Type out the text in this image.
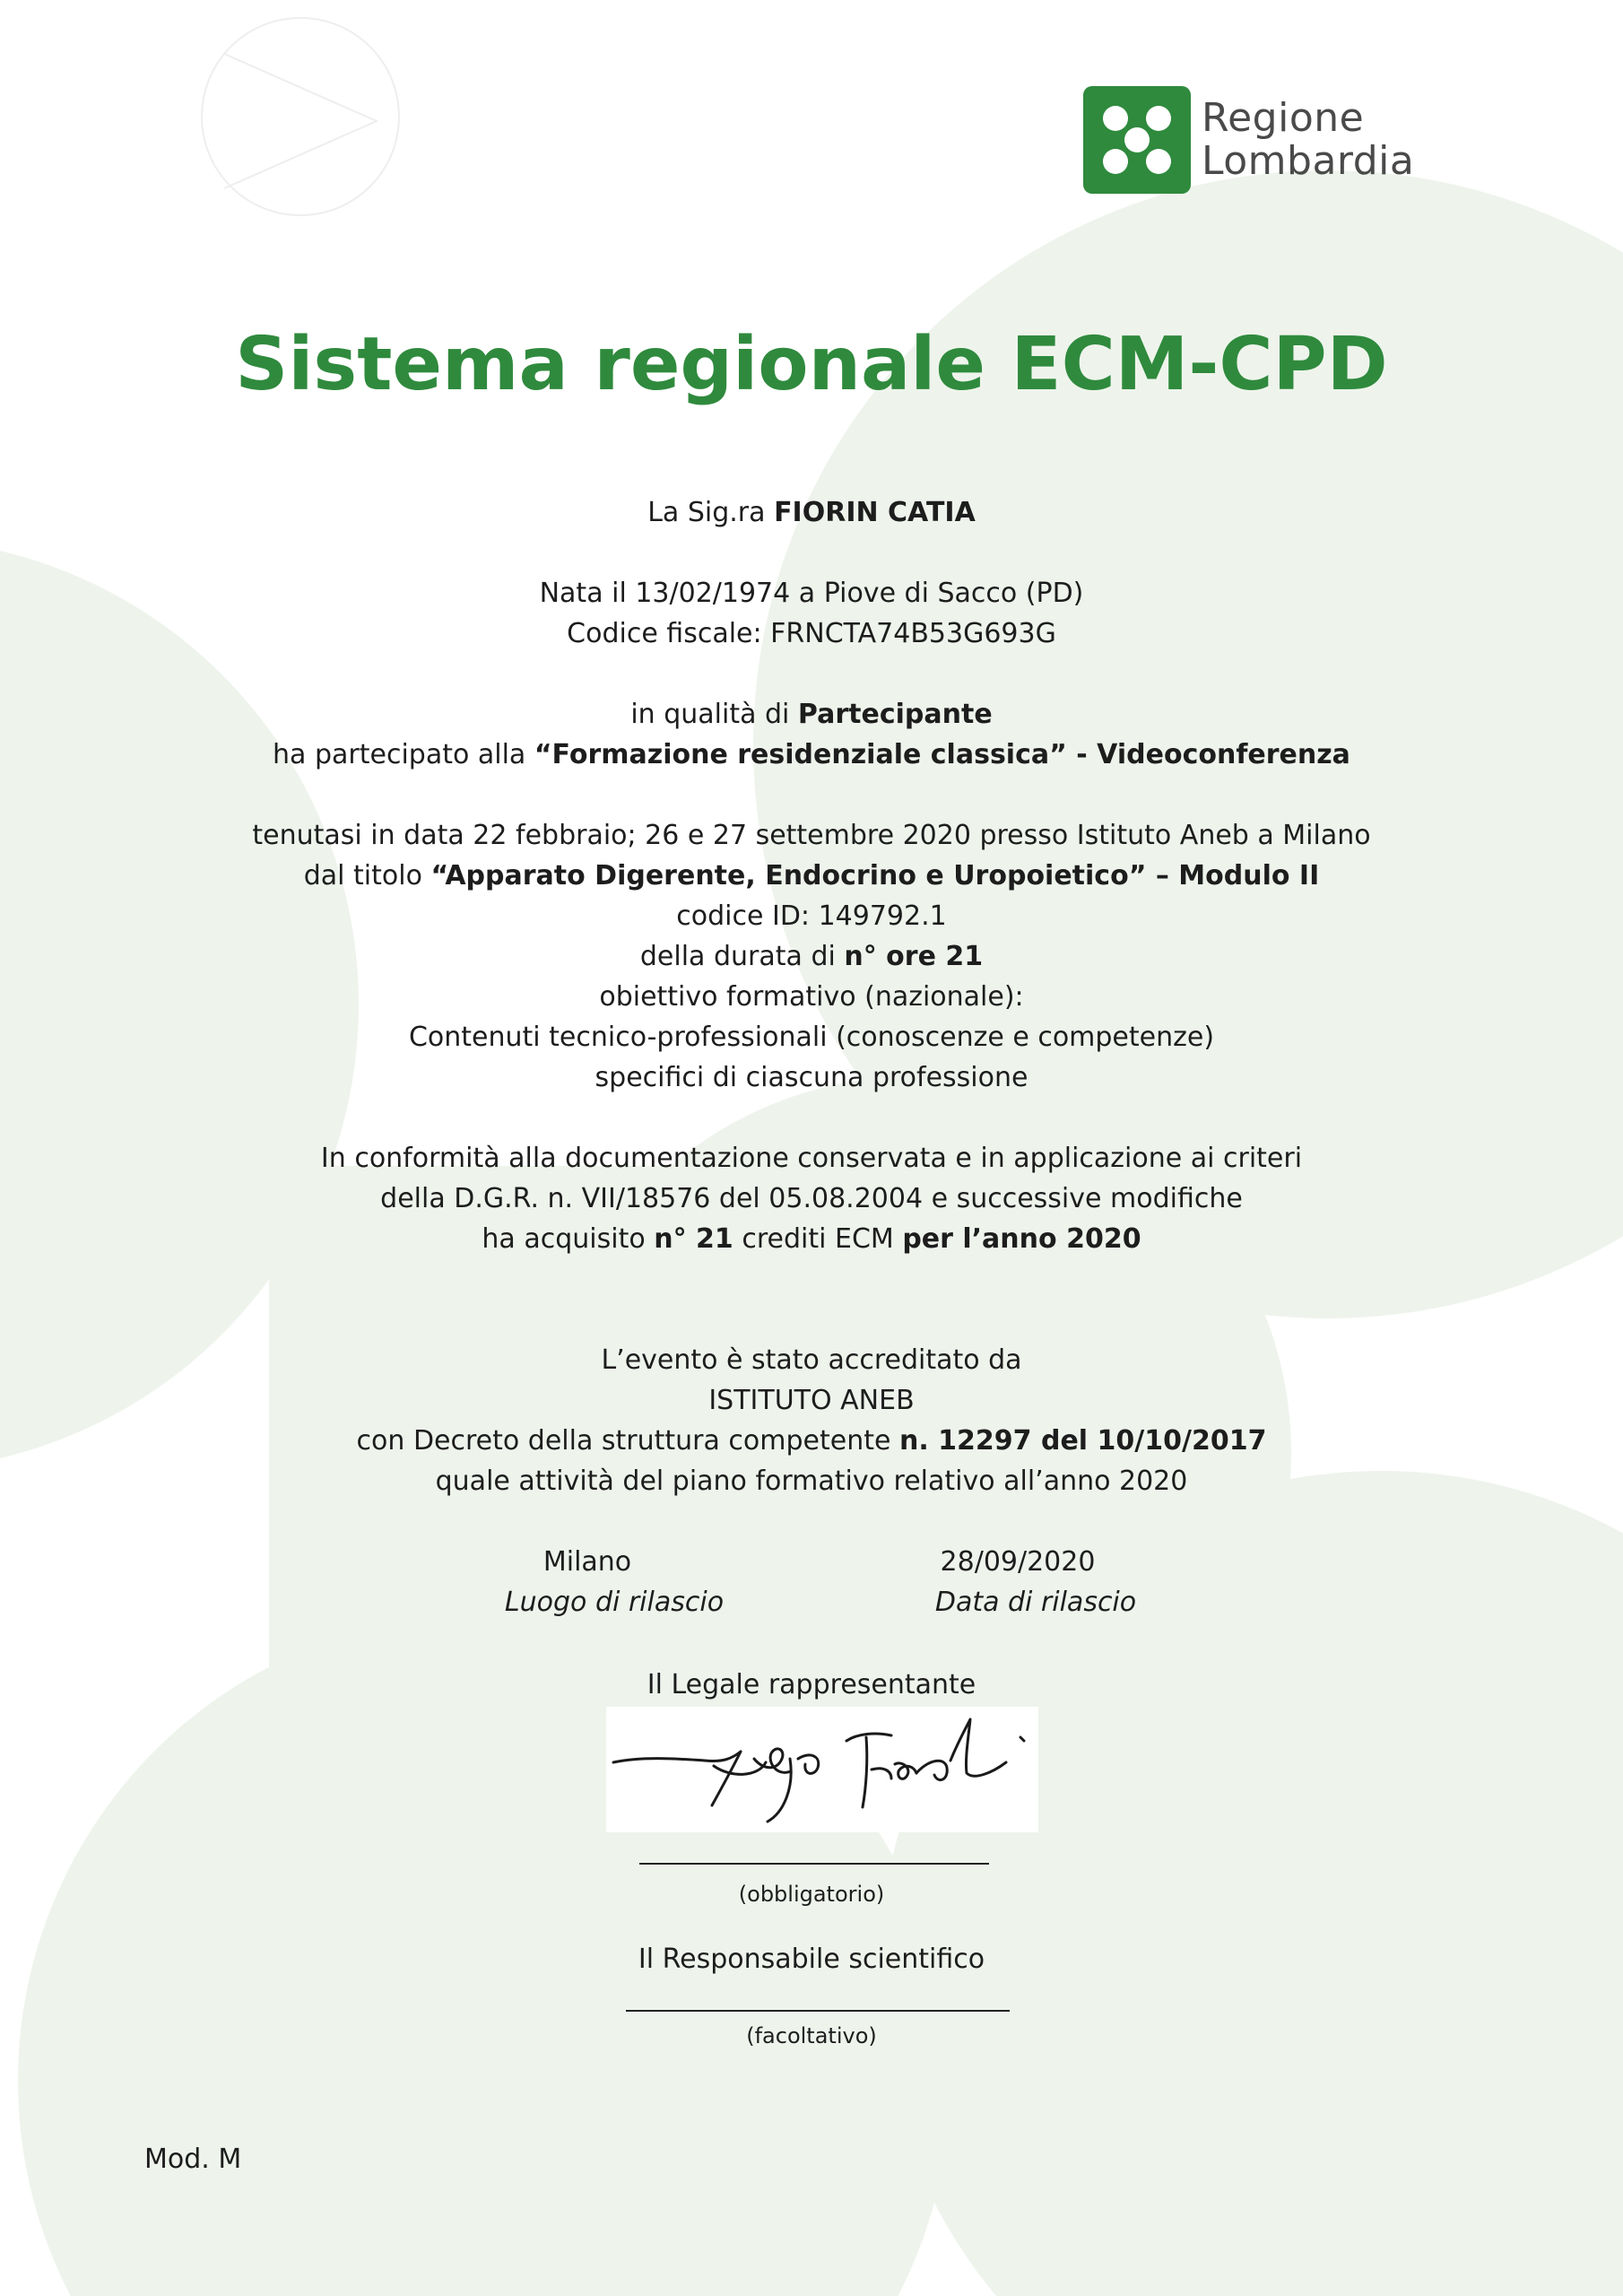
Regione
Lombardia
Sistema regionale ECM-CPD
La Sig.ra FIORIN CATIA
Nata il 13/02/1974 a Piove di Sacco (PD)
Codice fiscale: FRNCTA74B53G693G
in qualità di Partecipante
ha partecipato alla “Formazione residenziale classica” - Videoconferenza
tenutasi in data 22 febbraio; 26 e 27 settembre 2020 presso Istituto Aneb a Milano
dal titolo “Apparato Digerente, Endocrino e Uropoietico” – Modulo II
codice ID: 149792.1
della durata di n° ore 21
obiettivo formativo (nazionale):
Contenuti tecnico-professionali (conoscenze e competenze)
specifici di ciascuna professione
In conformità alla documentazione conservata e in applicazione ai criteri
della D.G.R. n. VII/18576 del 05.08.2004 e successive modifiche
ha acquisito n° 21 crediti ECM per l’anno 2020
L’evento è stato accreditato da
ISTITUTO ANEB
con Decreto della struttura competente n. 12297 del 10/10/2017
quale attività del piano formativo relativo all’anno 2020
Milano
Luogo di rilascio
28/09/2020
Data di rilascio
Il Legale rappresentante
(obbligatorio)
Il Responsabile scientifico
(facoltativo)
Mod. M
